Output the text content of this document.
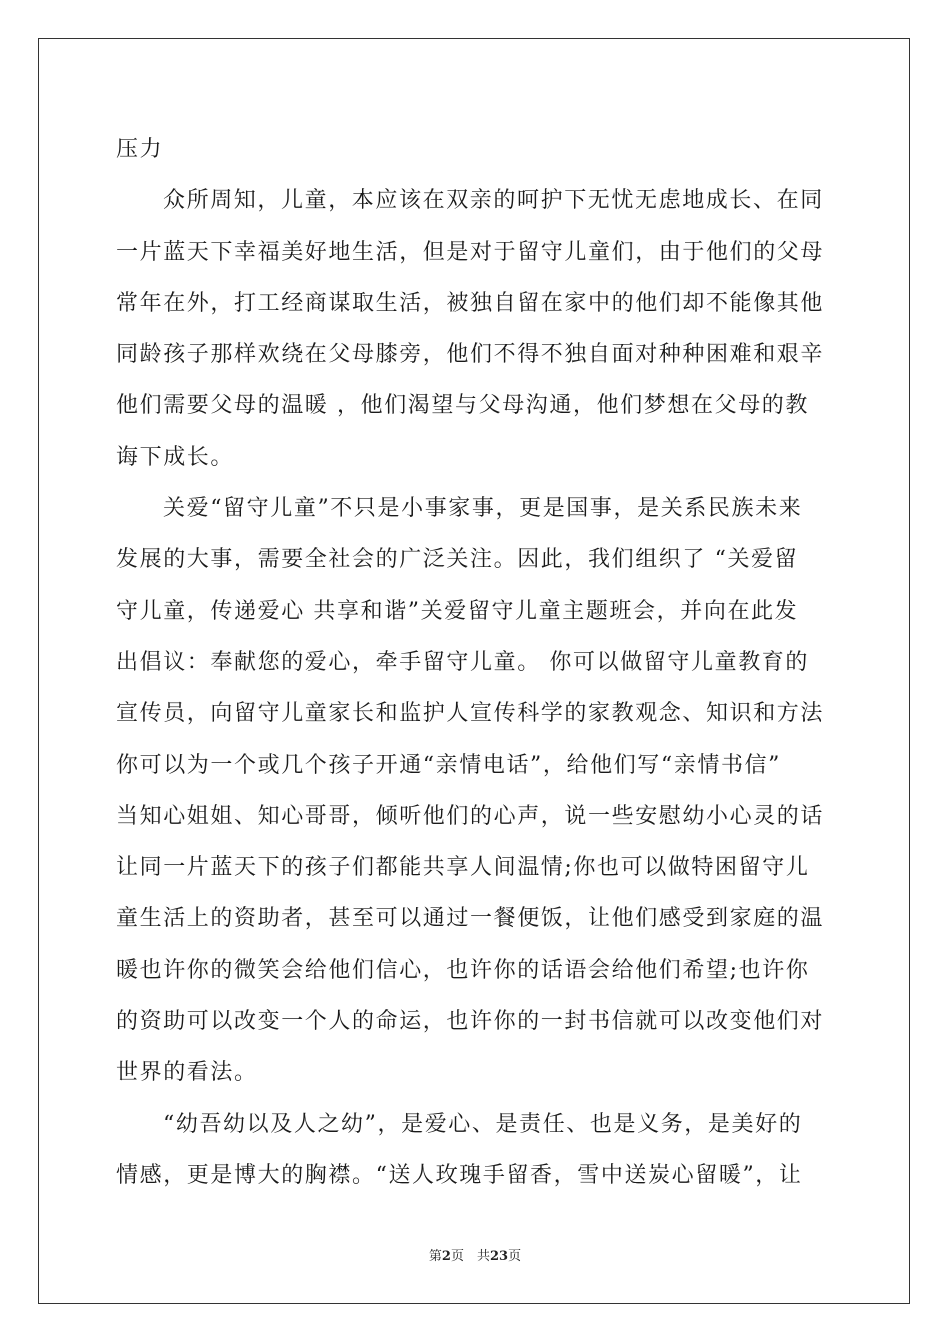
压力
众所周知，儿童，本应该在双亲的呵护下无忧无虑地成长、在同
一片蓝天下幸福美好地生活，但是对于留守儿童们，由于他们的父母
常年在外，打工经商谋取生活，被独自留在家中的他们却不能像其他
同龄孩子那样欢绕在父母膝旁，他们不得不独自面对种种困难和艰辛
他们需要父母的温暖 ，他们渴望与父母沟通，他们梦想在父母的教
诲下成长。
关爱“留守儿童”不只是小事家事，更是国事，是关系民族未来
发展的大事，需要全社会的广泛关注。因此，我们组织了 “关爱留
守儿童，传递爱心 共享和谐”关爱留守儿童主题班会，并向在此发
出倡议：奉献您的爱心，牵手留守儿童。 你可以做留守儿童教育的
宣传员，向留守儿童家长和监护人宣传科学的家教观念、知识和方法
你可以为一个或几个孩子开通“亲情电话”，给他们写“亲情书信”
当知心姐姐、知心哥哥，倾听他们的心声，说一些安慰幼小心灵的话
让同一片蓝天下的孩子们都能共享人间温情;你也可以做特困留守儿
童生活上的资助者，甚至可以通过一餐便饭，让他们感受到家庭的温
暖也许你的微笑会给他们信心，也许你的话语会给他们希望;也许你
的资助可以改变一个人的命运，也许你的一封书信就可以改变他们对
世界的看法。
“幼吾幼以及人之幼”，是爱心、是责任、也是义务，是美好的
情感，更是博大的胸襟。“送人玫瑰手留香，雪中送炭心留暖”，让
第2页　共23页
